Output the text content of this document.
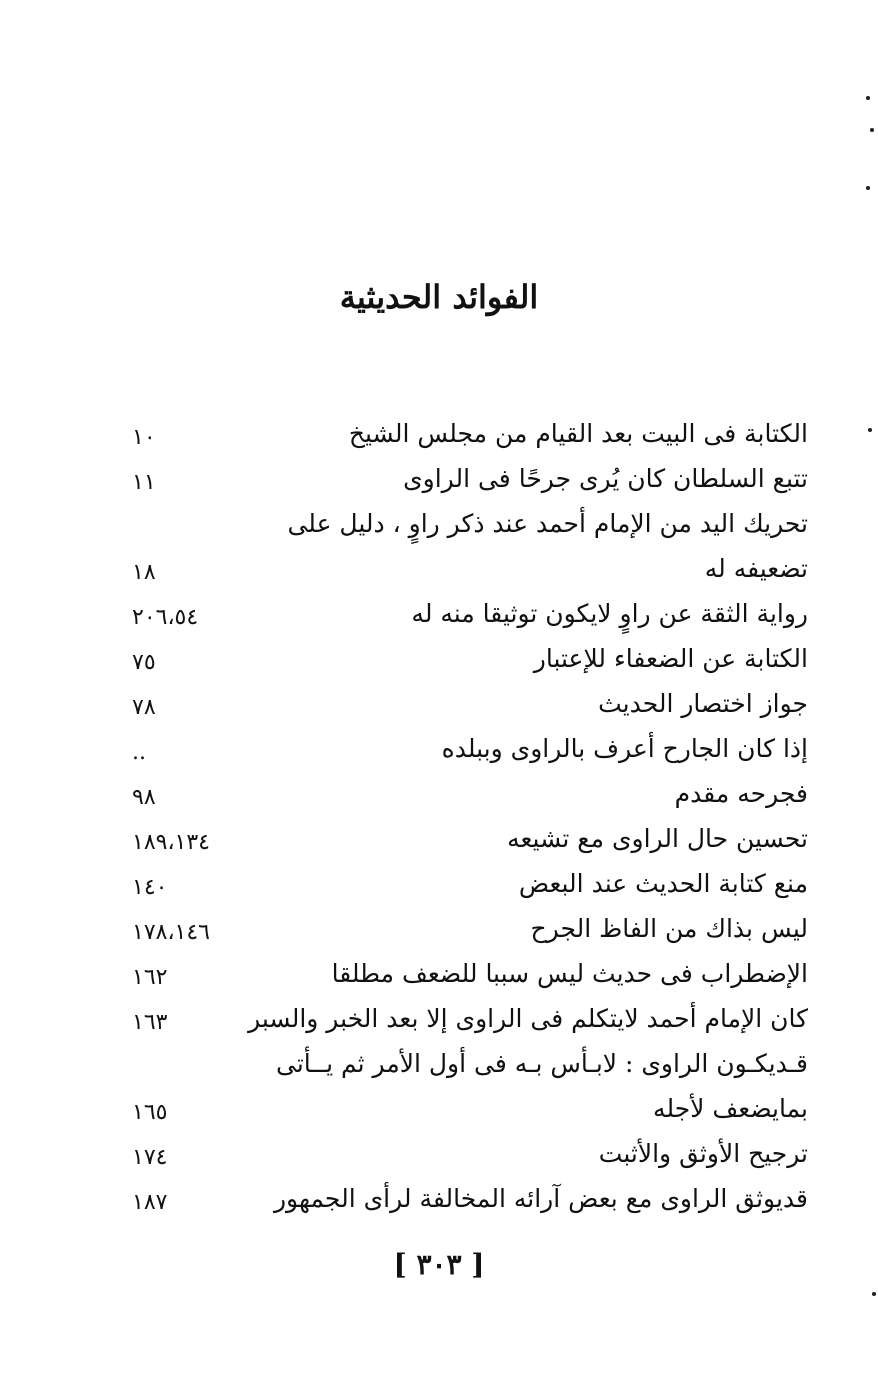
الفوائد الحديثية
الكتابة فى البيت بعد القيام من مجلس الشيخ
١٠
تتبع السلطان كان يُرى جرحًا فى الراوى
١١
تحريك اليد من الإمام أحمد عند ذكر راوٍ ، دليل على
تضعيفه له
١٨
رواية الثقة عن راوٍ لايكون توثيقا منه له
٢٠٦،٥٤
الكتابة عن الضعفاء للإعتبار
٧٥
جواز اختصار الحديث
٧٨
إذا كان الجارح أعرف بالراوى وببلده
..
فجرحه مقدم
٩٨
تحسين حال الراوى مع تشيعه
١٨٩،١٣٤
منع كتابة الحديث عند البعض
١٤٠
ليس بذاك من الفاظ الجرح
١٧٨،١٤٦
الإضطراب فى حديث ليس سببا للضعف مطلقا
١٦٢
كان الإمام أحمد لايتكلم فى الراوى إلا بعد الخبر والسبر
١٦٣
قـديكـون الراوى : لابـأس بـه فى أول الأمر ثم يــأتى
بمايضعف لأجله
١٦٥
ترجيح الأوثق والأثبت
١٧٤
قديوثق الراوى مع بعض آرائه المخالفة لرأى الجمهور
١٨٧
[ ٣٠٣ ]
